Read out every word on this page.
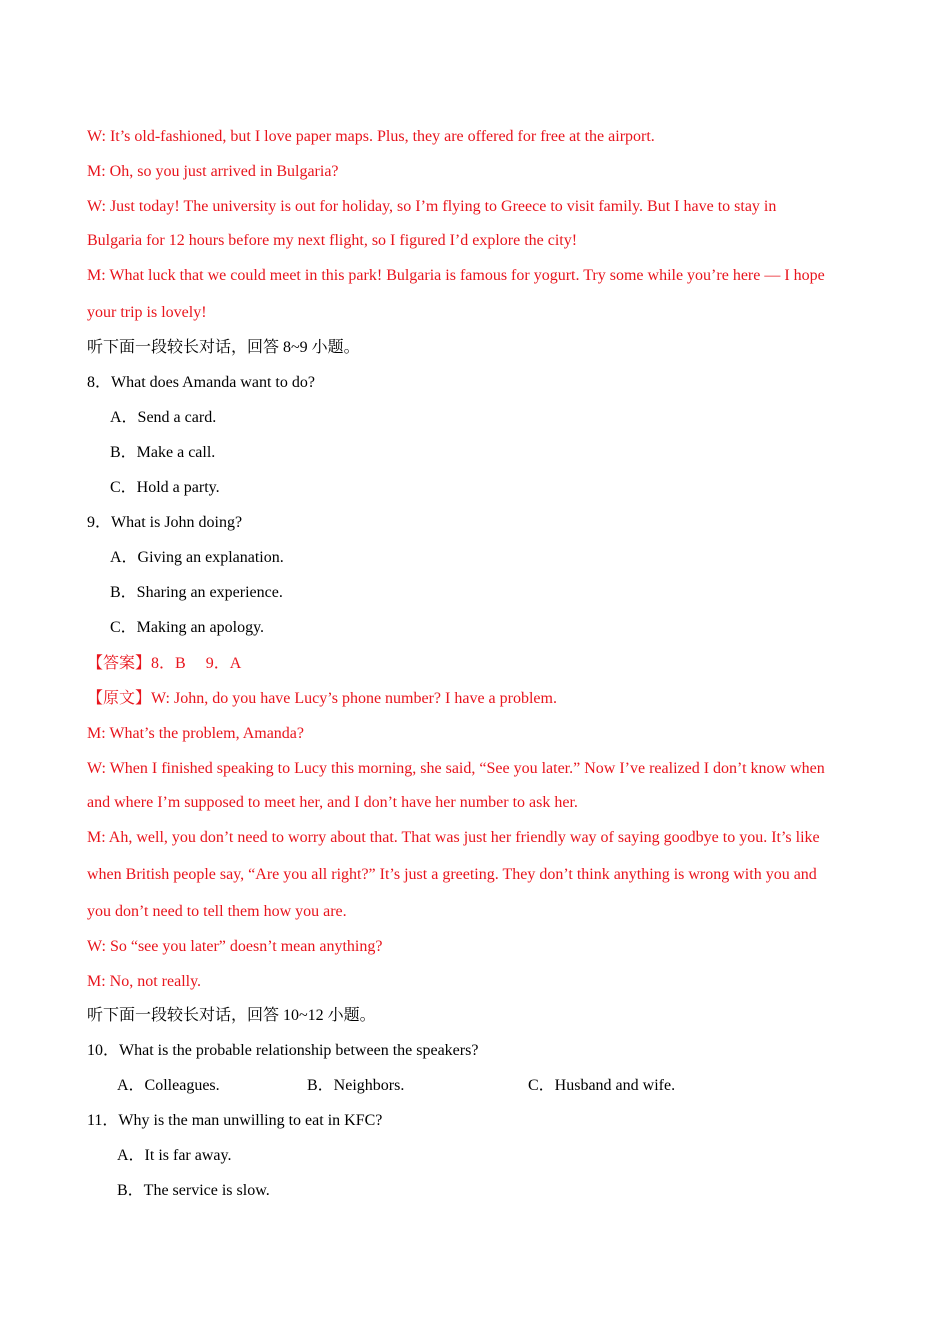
W: It’s old-fashioned, but I love paper maps. Plus, they are offered for free at the airport.
M: Oh, so you just arrived in Bulgaria?
W: Just today! The university is out for holiday, so I’m flying to Greece to visit family. But I have to stay in
Bulgaria for 12 hours before my next flight, so I figured I’d explore the city!
M: What luck that we could meet in this park! Bulgaria is famous for yogurt. Try some while you’re here — I hope
your trip is lovely!
听下面一段较长对话，回答 8~9 小题。
8．What does Amanda want to do?
A．Send a card.
B．Make a call.
C．Hold a party.
9．What is John doing?
A．Giving an explanation.
B．Sharing an experience.
C．Making an apology.
【答案】8．B　 9．A
【原文】W: John, do you have Lucy’s phone number? I have a problem.
M: What’s the problem, Amanda?
W: When I finished speaking to Lucy this morning, she said, “See you later.” Now I’ve realized I don’t know when
and where I’m supposed to meet her, and I don’t have her number to ask her.
M: Ah, well, you don’t need to worry about that. That was just her friendly way of saying goodbye to you. It’s like
when British people say, “Are you all right?” It’s just a greeting. They don’t think anything is wrong with you and
you don’t need to tell them how you are.
W: So “see you later” doesn’t mean anything?
M: No, not really.
听下面一段较长对话，回答 10~12 小题。
10．What is the probable relationship between the speakers?
A．Colleagues.	B．Neighbors.	C．Husband and wife.
11．Why is the man unwilling to eat in KFC?
A．It is far away.
B．The service is slow.
